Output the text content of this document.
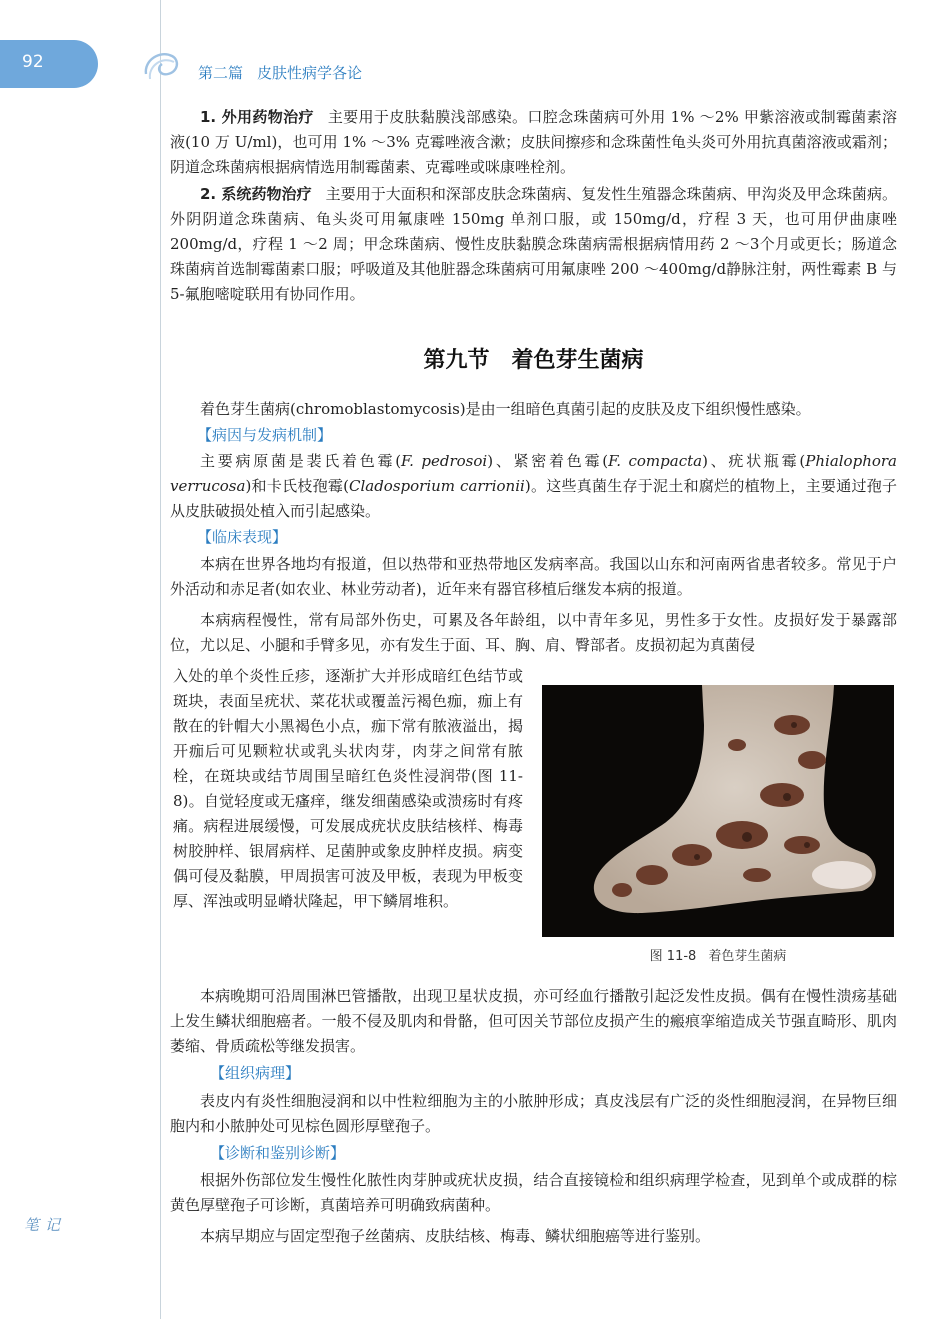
92
第二篇 皮肤性病学各论

1. 外用药物治疗 主要用于皮肤黏膜浅部感染。口腔念珠菌病可外用 1% ～2% 甲紫溶液或制霉菌素溶液(10 万 U/ml)，也可用 1% ～3% 克霉唑液含漱；皮肤间擦疹和念珠菌性龟头炎可外用抗真菌溶液或霜剂；阴道念珠菌病根据病情选用制霉菌素、克霉唑或咪康唑栓剂。

2. 系统药物治疗 主要用于大面积和深部皮肤念珠菌病、复发性生殖器念珠菌病、甲沟炎及甲念珠菌病。外阴阴道念珠菌病、龟头炎可用氟康唑 150mg 单剂口服，或 150mg/d，疗程 3 天，也可用伊曲康唑 200mg/d，疗程 1 ～2 周；甲念珠菌病、慢性皮肤黏膜念珠菌病需根据病情用药 2 ～3个月或更长；肠道念珠菌病首选制霉菌素口服；呼吸道及其他脏器念珠菌病可用氟康唑 200 ～400mg/d静脉注射，两性霉素 B 与 5-氟胞嘧啶联用有协同作用。

第九节 着色芽生菌病

着色芽生菌病(chromoblastomycosis)是由一组暗色真菌引起的皮肤及皮下组织慢性感染。

【病因与发病机制】

主要病原菌是裴氏着色霉(F. pedrosoi)、紧密着色霉(F. compacta)、疣状瓶霉(Phialophora verrucosa)和卡氏枝孢霉(Cladosporium carrionii)。这些真菌生存于泥土和腐烂的植物上，主要通过孢子从皮肤破损处植入而引起感染。

【临床表现】

本病在世界各地均有报道，但以热带和亚热带地区发病率高。我国以山东和河南两省患者较多。常见于户外活动和赤足者(如农业、林业劳动者)，近年来有器官移植后继发本病的报道。

本病病程慢性，常有局部外伤史，可累及各年龄组，以中青年多见，男性多于女性。皮损好发于暴露部位，尤以足、小腿和手臂多见，亦有发生于面、耳、胸、肩、臀部者。皮损初起为真菌侵

入处的单个炎性丘疹，逐渐扩大并形成暗红色结节或斑块，表面呈疣状、菜花状或覆盖污褐色痂，痂上有散在的针帽大小黑褐色小点，痂下常有脓液溢出，揭开痂后可见颗粒状或乳头状肉芽，肉芽之间常有脓栓，在斑块或结节周围呈暗红色炎性浸润带(图 11-8)。自觉轻度或无瘙痒，继发细菌感染或溃疡时有疼痛。病程进展缓慢，可发展成疣状皮肤结核样、梅毒树胶肿样、银屑病样、足菌肿或象皮肿样皮损。病变偶可侵及黏膜，甲周损害可波及甲板，表现为甲板变厚、浑浊或明显嵴状隆起，甲下鳞屑堆积。

图 11-8 着色芽生菌病

本病晚期可沿周围淋巴管播散，出现卫星状皮损，亦可经血行播散引起泛发性皮损。偶有在慢性溃疡基础上发生鳞状细胞癌者。一般不侵及肌肉和骨骼，但可因关节部位皮损产生的瘢痕挛缩造成关节强直畸形、肌肉萎缩、骨质疏松等继发损害。

【组织病理】

表皮内有炎性细胞浸润和以中性粒细胞为主的小脓肿形成；真皮浅层有广泛的炎性细胞浸润，在异物巨细胞内和小脓肿处可见棕色圆形厚壁孢子。

【诊断和鉴别诊断】

根据外伤部位发生慢性化脓性肉芽肿或疣状皮损，结合直接镜检和组织病理学检查，见到单个或成群的棕黄色厚壁孢子可诊断，真菌培养可明确致病菌种。

本病早期应与固定型孢子丝菌病、皮肤结核、梅毒、鳞状细胞癌等进行鉴别。

笔记
